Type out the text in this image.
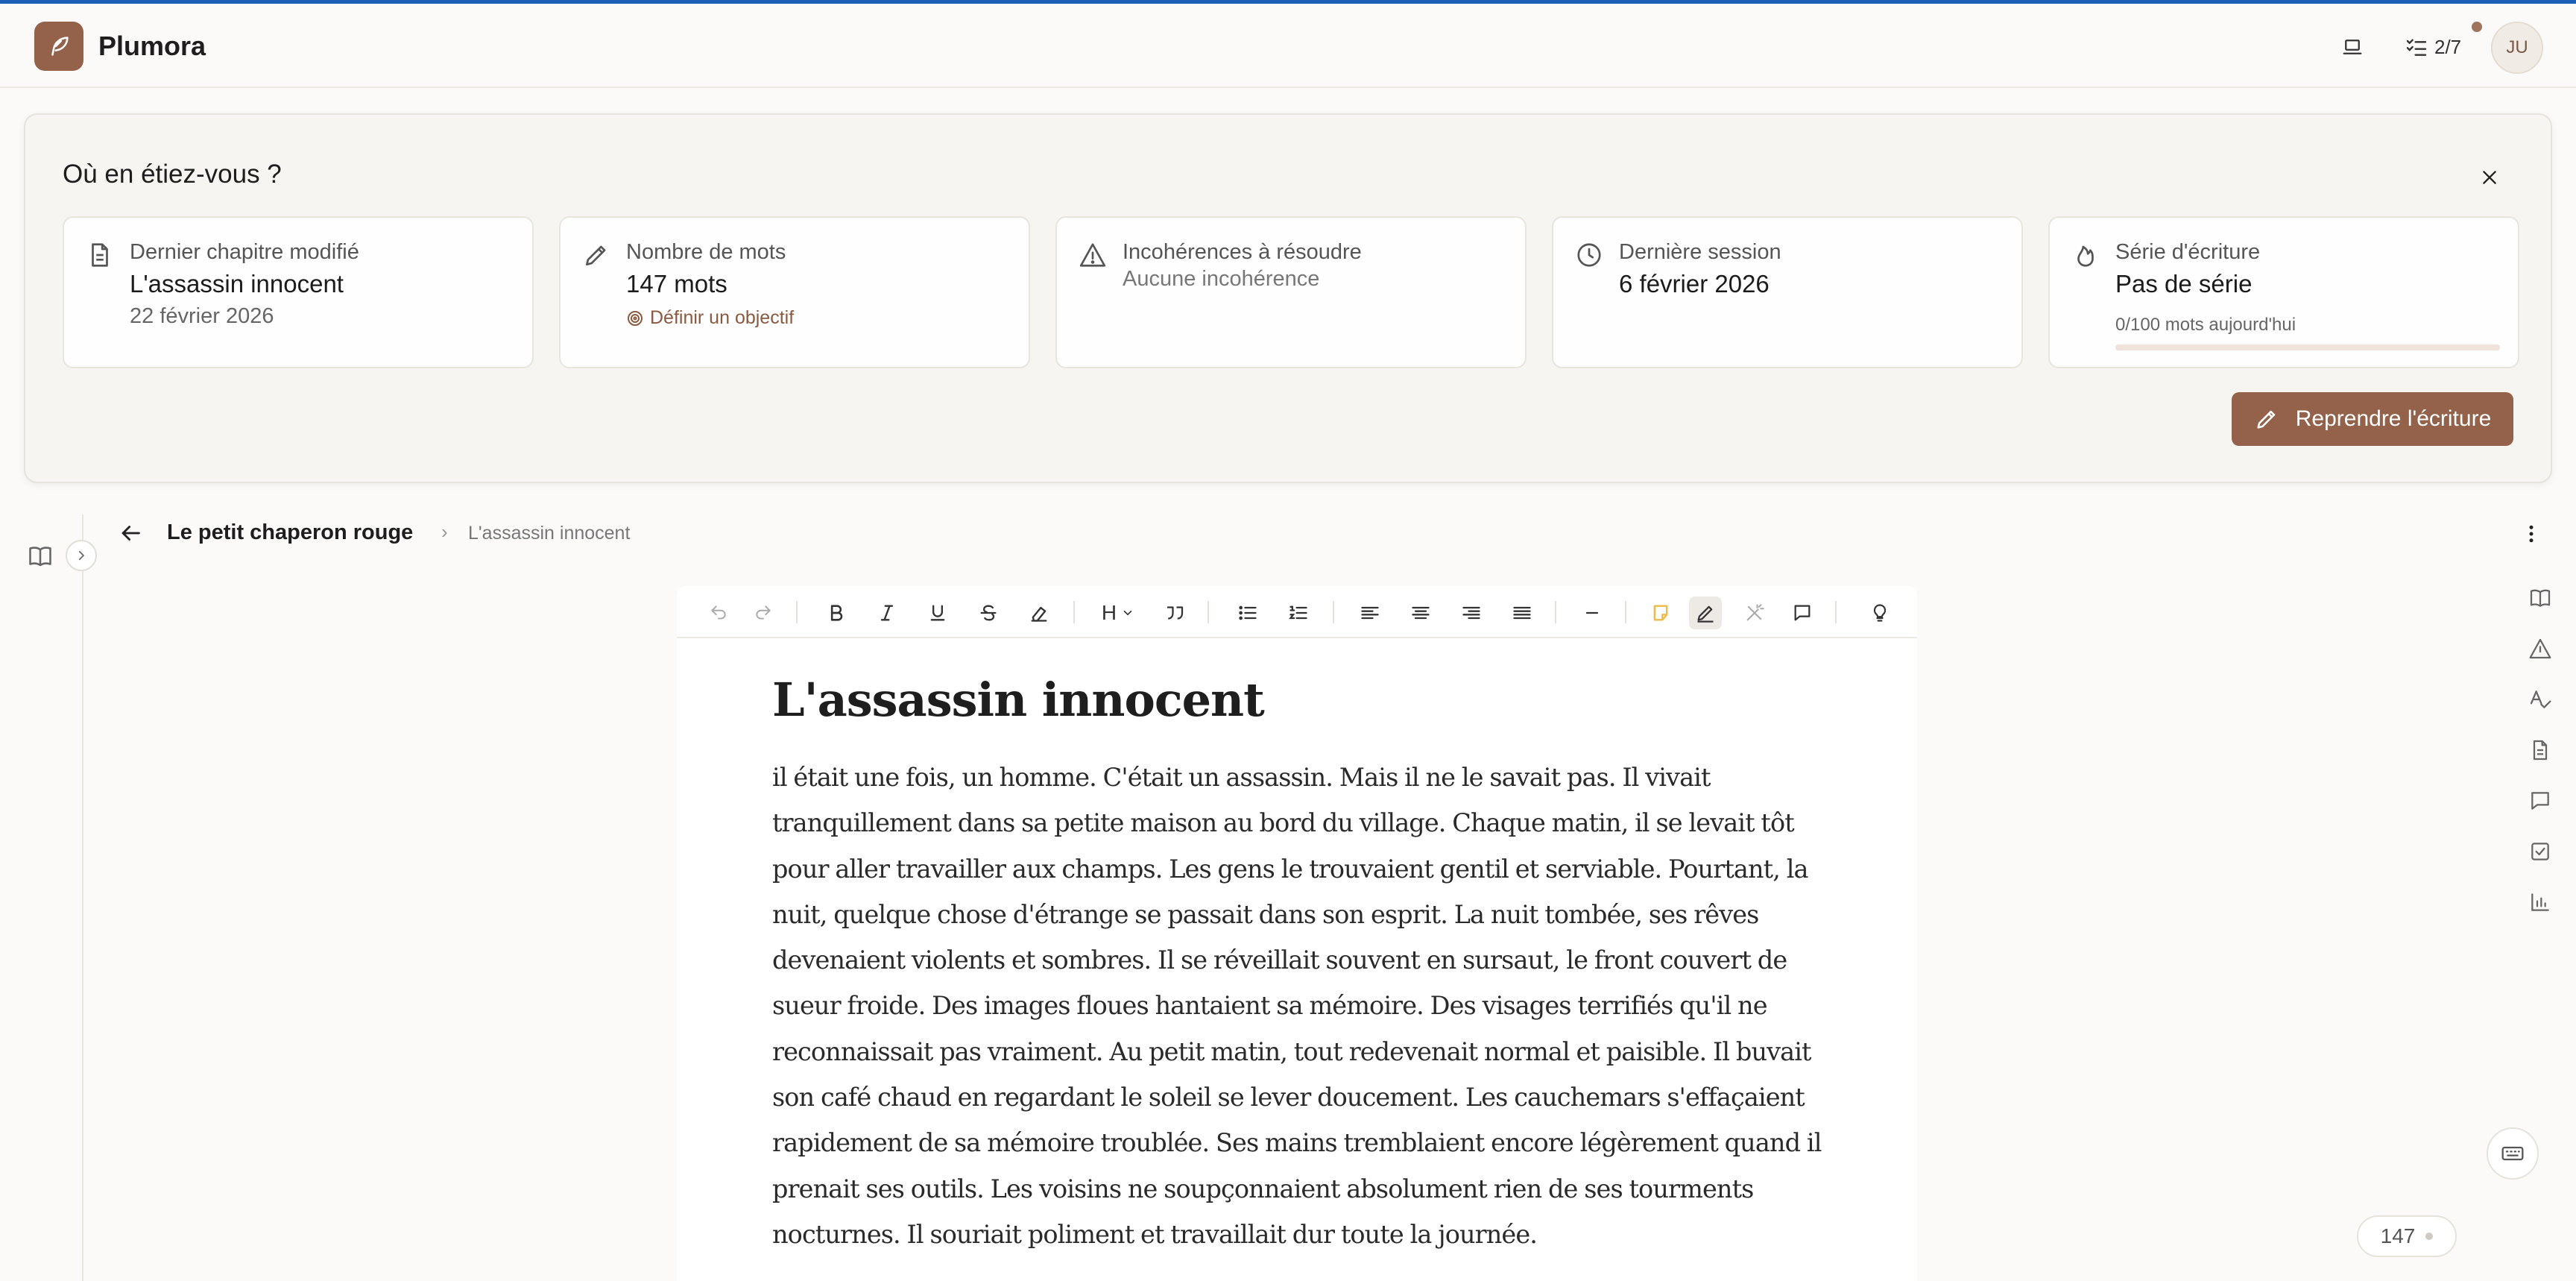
Plumora	2/7	JU
Où en étiez-vous ?
Dernier chapitre modifié
L'assassin innocent
22 février 2026
Nombre de mots
147 mots
Définir un objectif
Incohérences à résoudre
Aucune incohérence
Dernière session
6 février 2026
Série d'écriture
Pas de série
0/100 mots aujourd'hui
Reprendre l'écriture
Le petit chaperon rouge › L'assassin innocent
H
L'assassin innocent
il était une fois, un homme. C'était un assassin. Mais il ne le savait pas. Il vivait tranquillement dans sa petite maison au bord du village. Chaque matin, il se levait tôt pour aller travailler aux champs. Les gens le trouvaient gentil et serviable. Pourtant, la nuit, quelque chose d'étrange se passait dans son esprit. La nuit tombée, ses rêves devenaient violents et sombres. Il se réveillait souvent en sursaut, le front couvert de sueur froide. Des images floues hantaient sa mémoire. Des visages terrifiés qu'il ne reconnaissait pas vraiment. Au petit matin, tout redevenait normal et paisible. Il buvait son café chaud en regardant le soleil se lever doucement. Les cauchemars s'effaçaient rapidement de sa mémoire troublée. Ses mains tremblaient encore légèrement quand il prenait ses outils. Les voisins ne soupçonnaient absolument rien de ses tourments nocturnes. Il souriait poliment et travaillait dur toute la journée.	147
